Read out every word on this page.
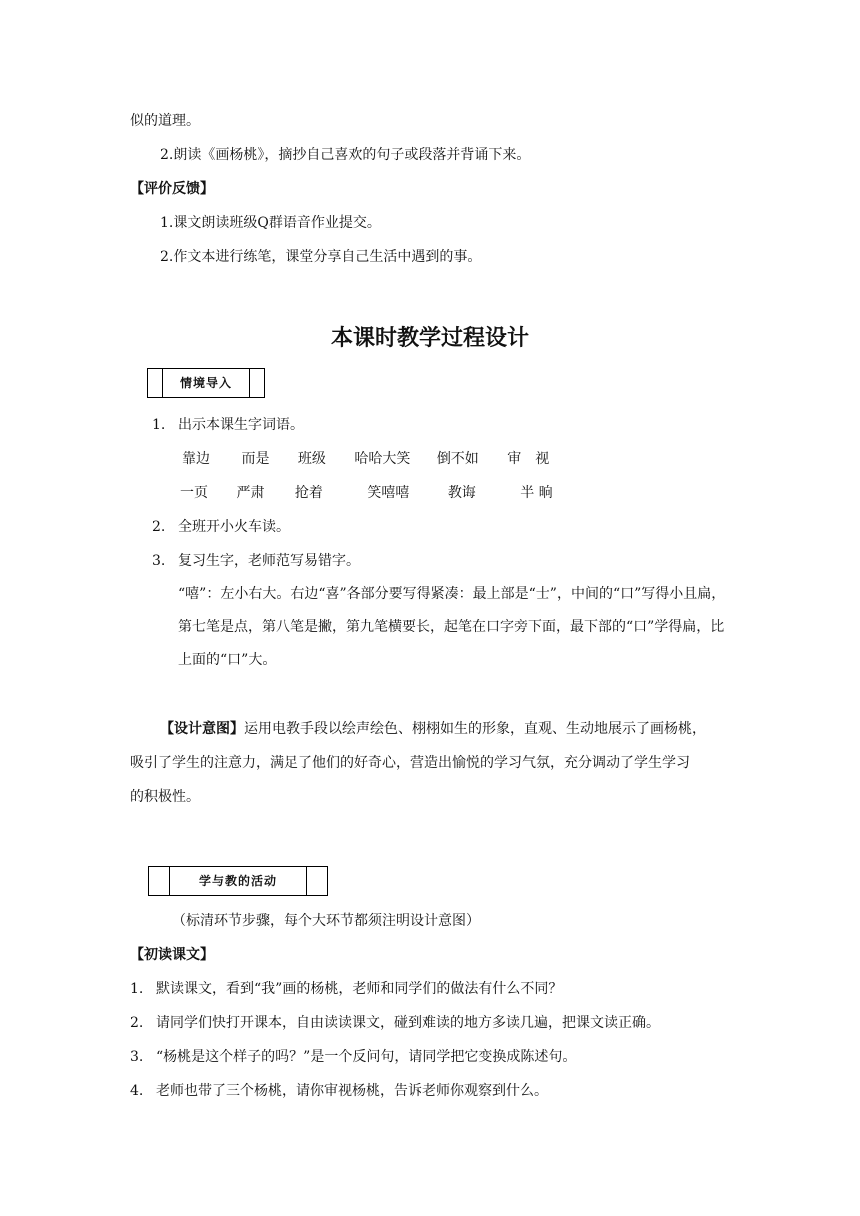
似的道理。
2.朗读《画杨桃》，摘抄自己喜欢的句子或段落并背诵下来。
【评价反馈】
1.课文朗读班级Q群语音作业提交。
2.作文本进行练笔，课堂分享自己生活中遇到的事。
本课时教学过程设计
情境导入
1. 出示本课生字词语。
靠边 而是 班级 哈哈大笑 倒不如 审　视
一页 严肃 抢着	笑嘻嘻	教诲	半 晌
2. 全班开小火车读。
3. 复习生字，老师范写易错字。
“嘻”：左小右大。右边“喜”各部分要写得紧凑：最上部是“士”，中间的“口”写得小且扁，第七笔是点，第八笔是撇，第九笔横要长，起笔在口字旁下面，最下部的“口”学得扁，比上面的“口”大。
【设计意图】运用电教手段以绘声绘色、栩栩如生的形象，直观、生动地展示了画杨桃，
吸引了学生的注意力，满足了他们的好奇心，营造出愉悦的学习气氛，充分调动了学生学习
的积极性。
学与教的活动
（标清环节步骤，每个大环节都须注明设计意图）
【初读课文】
1. 默读课文，看到“我”画的杨桃，老师和同学们的做法有什么不同？
2. 请同学们快打开课本，自由读读课文，碰到难读的地方多读几遍，把课文读正确。
3. “杨桃是这个样子的吗？”是一个反问句，请同学把它变换成陈述句。
4. 老师也带了三个杨桃，请你审视杨桃，告诉老师你观察到什么。
